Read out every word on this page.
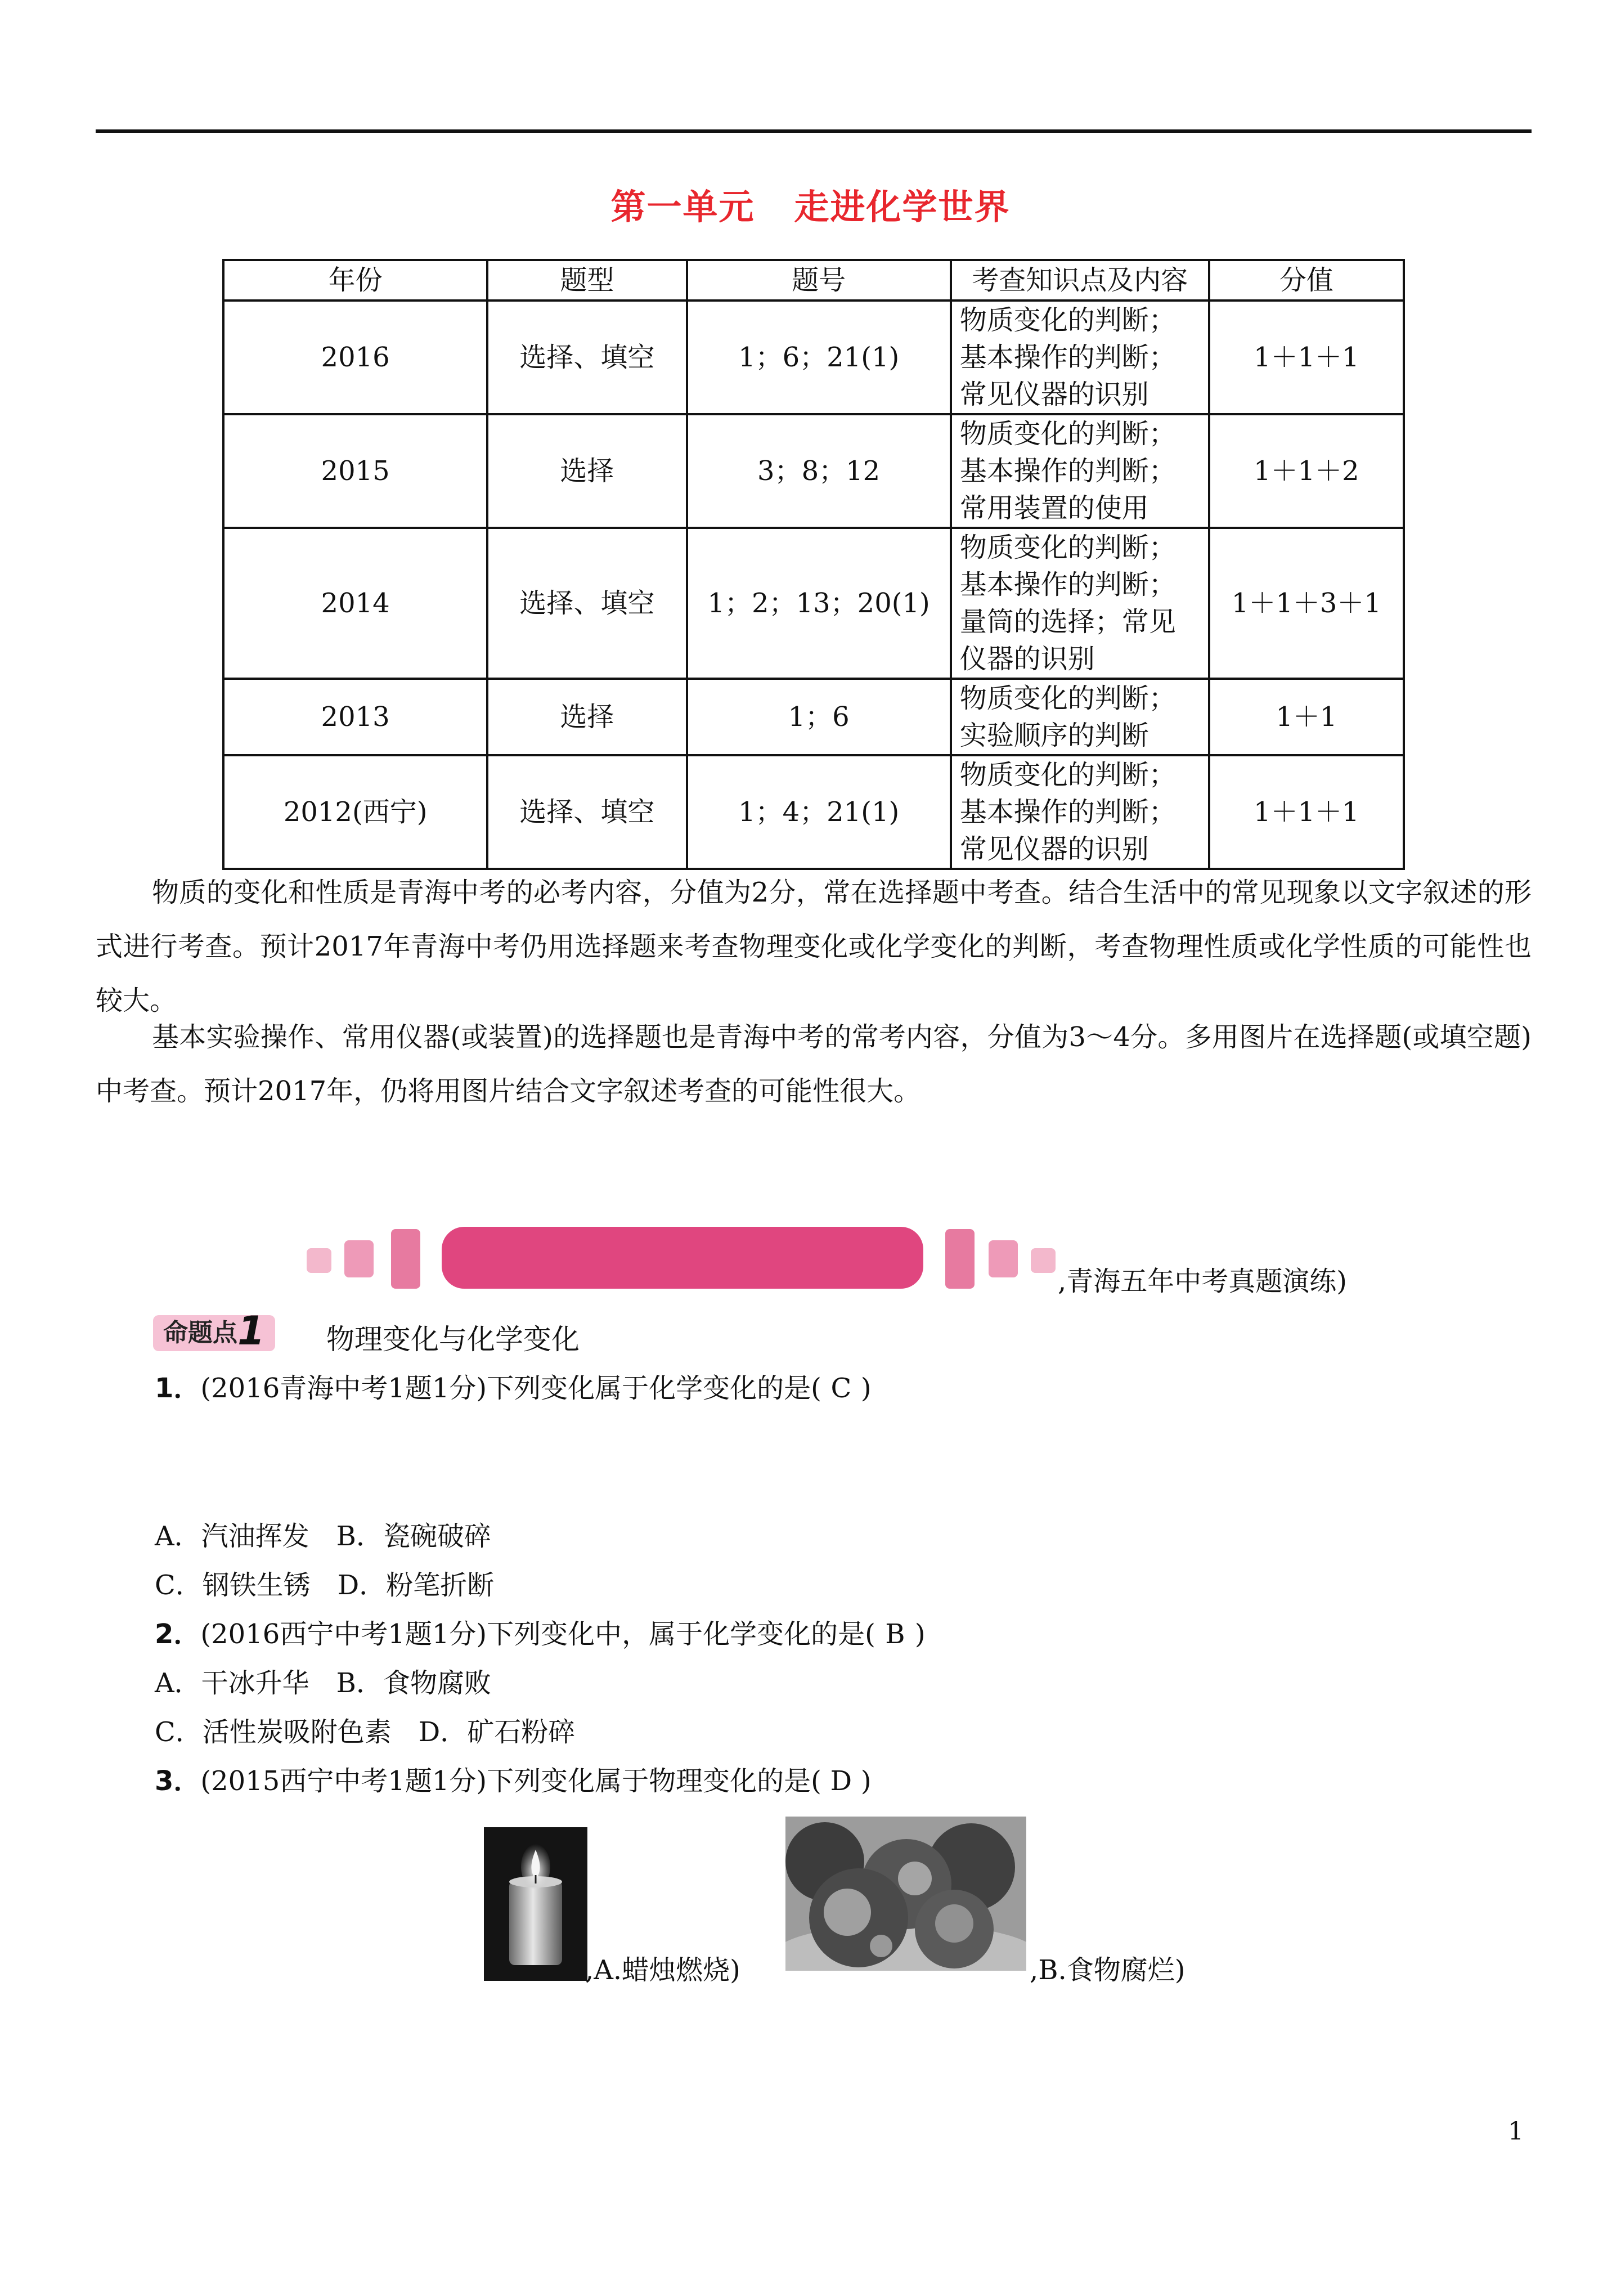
第一单元 走进化学世界
年份	题型	题号	考查知识点及内容	分值
2016	选择、填空	1；6；21(1)	物质变化的判断；
基本操作的判断；
常见仪器的识别	1＋1＋1
2015	选择	3；8；12	物质变化的判断；
基本操作的判断；
常用装置的使用	1＋1＋2
2014	选择、填空	1；2；13；20(1)	物质变化的判断；
基本操作的判断；
量筒的选择；常见
仪器的识别	1＋1＋3＋1
2013	选择	1；6	物质变化的判断；
实验顺序的判断	1＋1
2012(西宁)	选择、填空	1；4；21(1)	物质变化的判断；
基本操作的判断；
常见仪器的识别	1＋1＋1
物质的变化和性质是青海中考的必考内容，分值为2分，常在选择题中考查。结合生活中的常见现象以文字叙述的形式进行考查。预计2017年青海中考仍用选择题来考查物理变化或化学变化的判断，考查物理性质或化学性质的可能性也较大。
基本实验操作、常用仪器(或装置)的选择题也是青海中考的常考内容，分值为3～4分。多用图片在选择题(或填空题)中考查。预计2017年，仍将用图片结合文字叙述考查的可能性很大。
,青海五年中考真题演练)
命题点1	物理变化与化学变化
1．(2016青海中考1题1分)下列变化属于化学变化的是( C )
A．汽油挥发　B．瓷碗破碎
C．钢铁生锈　D．粉笔折断
2．(2016西宁中考1题1分)下列变化中，属于化学变化的是( B )
A．干冰升华　B．食物腐败
C．活性炭吸附色素　D．矿石粉碎
3．(2015西宁中考1题1分)下列变化属于物理变化的是( D )
,A.蜡烛燃烧)	,B.食物腐烂)
1
